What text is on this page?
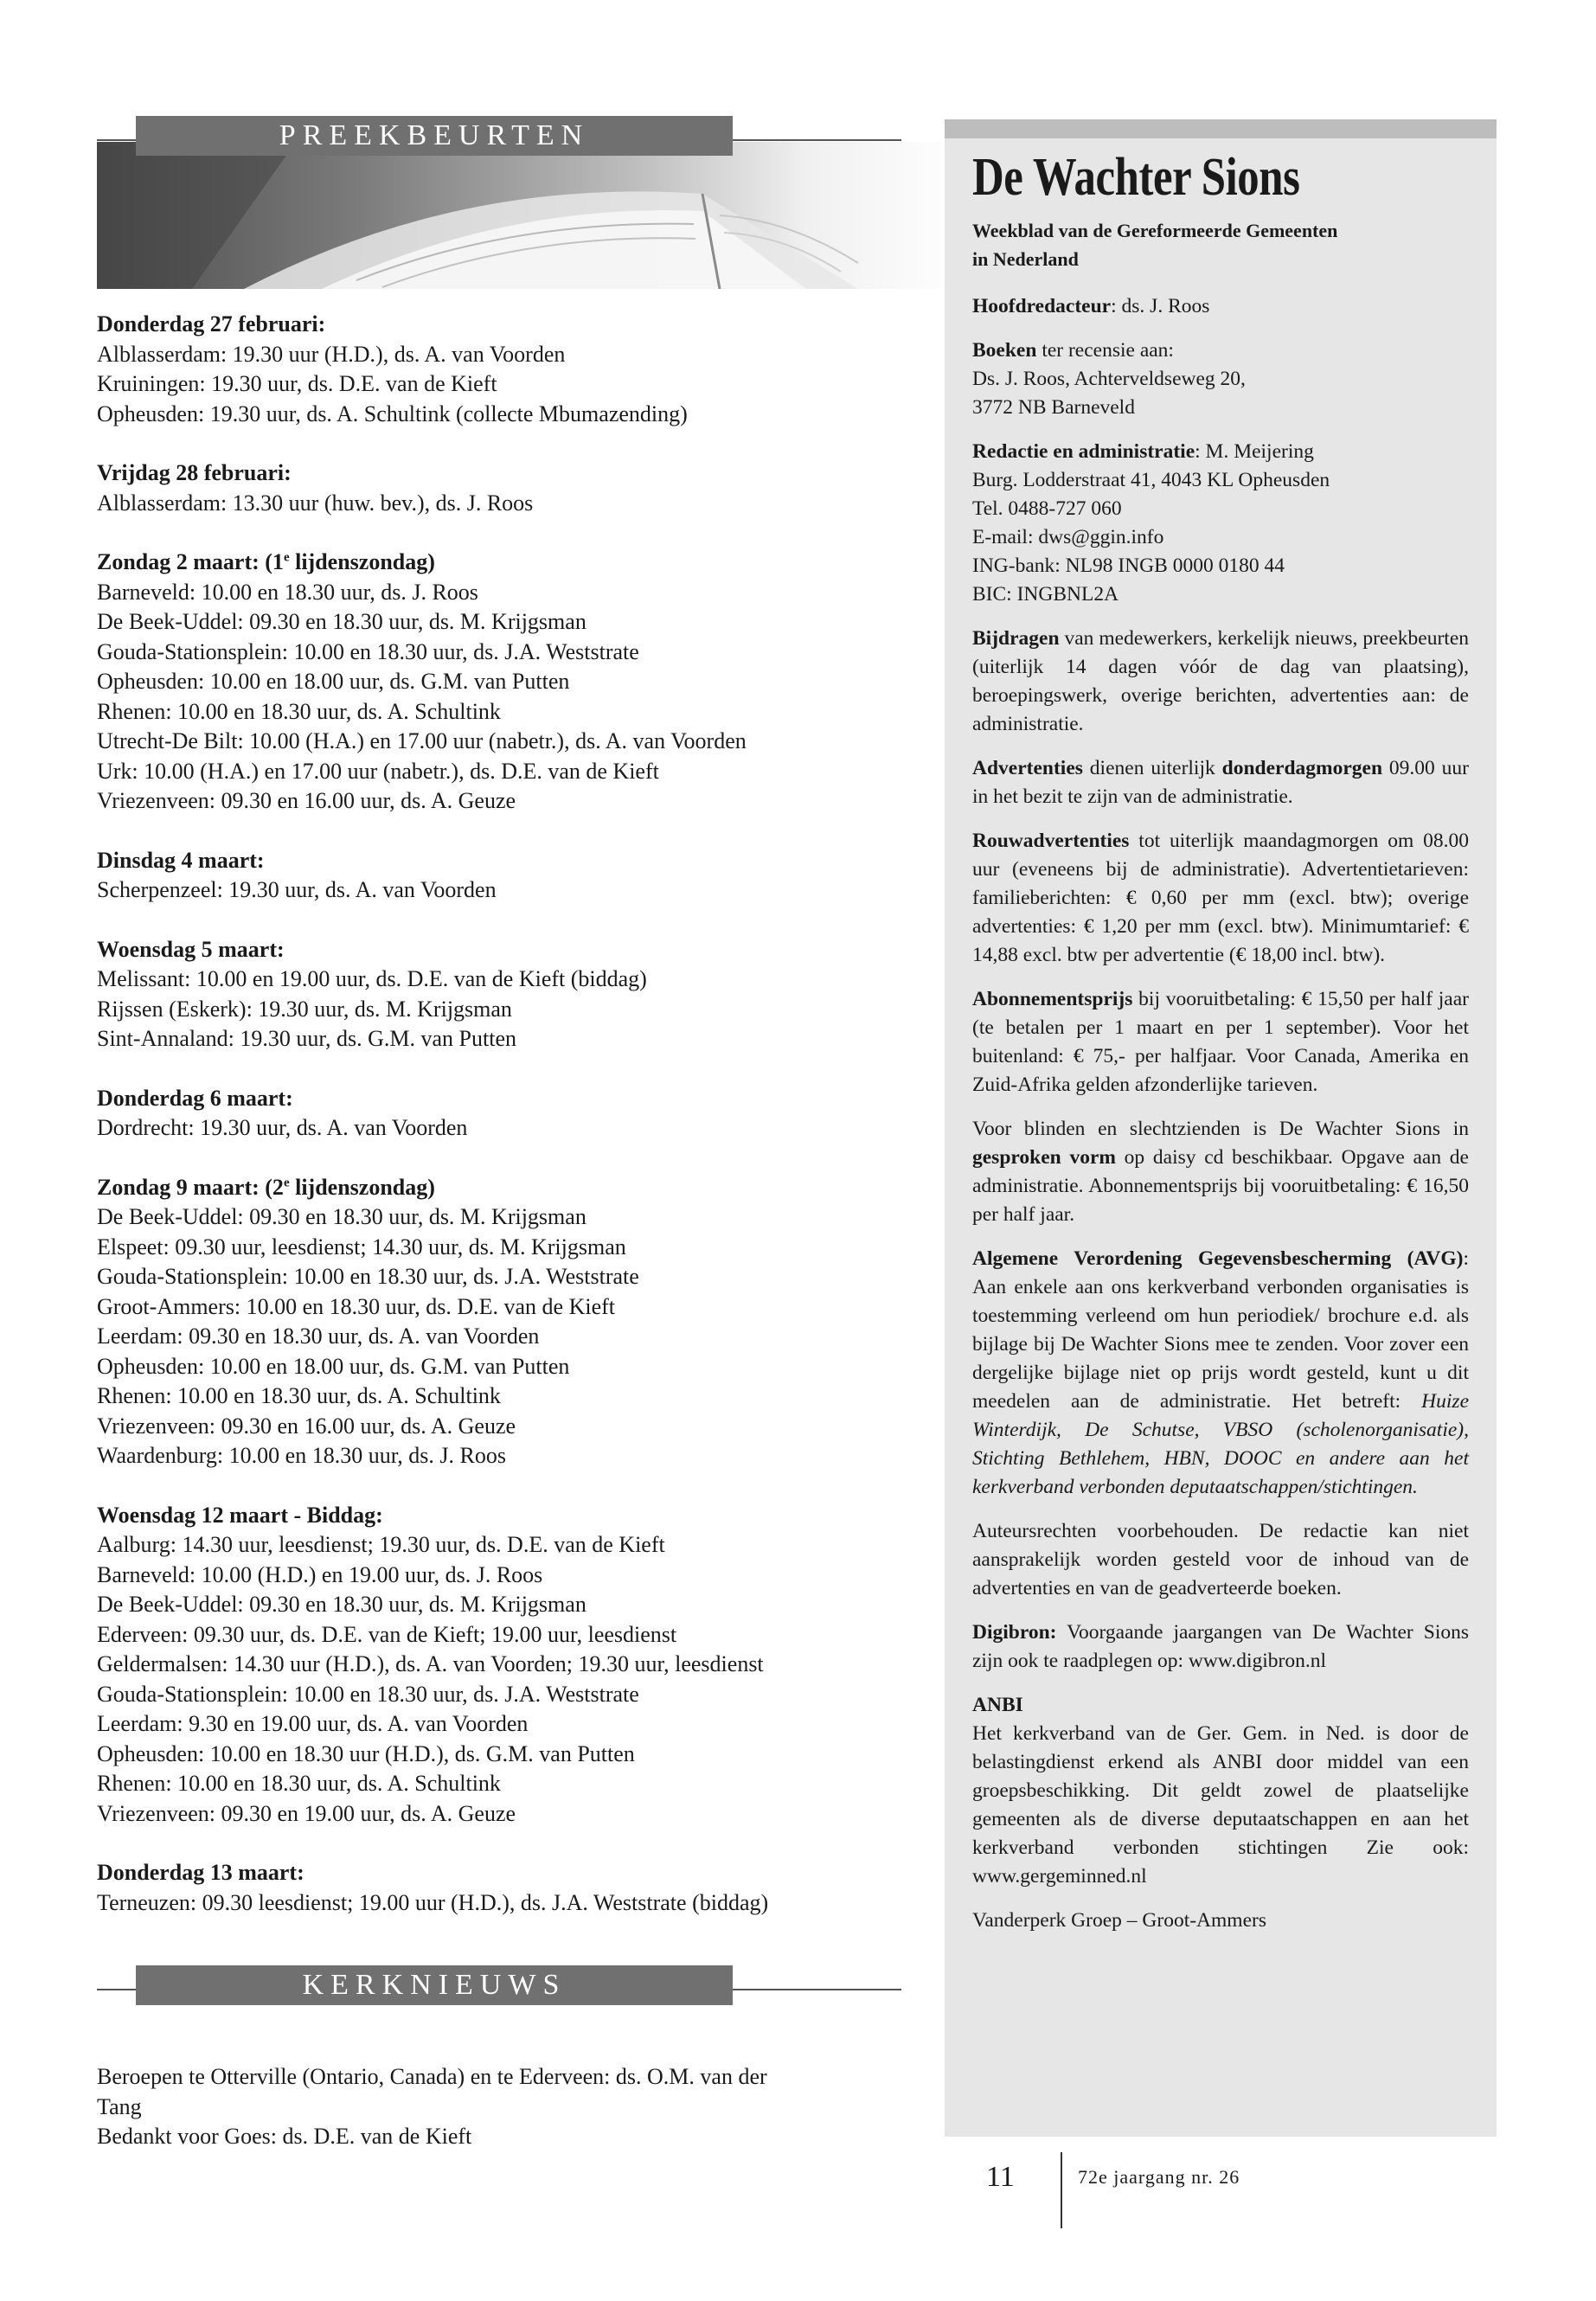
PREEKBEURTEN
Donderdag 27 februari:
Alblasserdam: 19.30 uur (H.D.), ds. A. van Voorden
Kruiningen: 19.30 uur, ds. D.E. van de Kieft
Opheusden: 19.30 uur, ds. A. Schultink (collecte Mbumazending)
Vrijdag 28 februari:
Alblasserdam: 13.30 uur (huw. bev.), ds. J. Roos
Zondag 2 maart: (1e lijdenszondag)
Barneveld: 10.00 en 18.30 uur, ds. J. Roos
De Beek-Uddel: 09.30 en 18.30 uur, ds. M. Krijgsman
Gouda-Stationsplein: 10.00 en 18.30 uur, ds. J.A. Weststrate
Opheusden: 10.00 en 18.00 uur, ds. G.M. van Putten
Rhenen: 10.00 en 18.30 uur, ds. A. Schultink
Utrecht-De Bilt: 10.00 (H.A.) en 17.00 uur (nabetr.), ds. A. van Voorden
Urk: 10.00 (H.A.) en 17.00 uur (nabetr.), ds. D.E. van de Kieft
Vriezenveen: 09.30 en 16.00 uur, ds. A. Geuze
Dinsdag 4 maart:
Scherpenzeel: 19.30 uur, ds. A. van Voorden
Woensdag 5 maart:
Melissant: 10.00 en 19.00 uur, ds. D.E. van de Kieft (biddag)
Rijssen (Eskerk): 19.30 uur, ds. M. Krijgsman
Sint-Annaland: 19.30 uur, ds. G.M. van Putten
Donderdag 6 maart:
Dordrecht: 19.30 uur, ds. A. van Voorden
Zondag 9 maart: (2e lijdenszondag)
De Beek-Uddel: 09.30 en 18.30 uur, ds. M. Krijgsman
Elspeet: 09.30 uur, leesdienst; 14.30 uur, ds. M. Krijgsman
Gouda-Stationsplein: 10.00 en 18.30 uur, ds. J.A. Weststrate
Groot-Ammers: 10.00 en 18.30 uur, ds. D.E. van de Kieft
Leerdam: 09.30 en 18.30 uur, ds. A. van Voorden
Opheusden: 10.00 en 18.00 uur, ds. G.M. van Putten
Rhenen: 10.00 en 18.30 uur, ds. A. Schultink
Vriezenveen: 09.30 en 16.00 uur, ds. A. Geuze
Waardenburg: 10.00 en 18.30 uur, ds. J. Roos
Woensdag 12 maart - Biddag:
Aalburg: 14.30 uur, leesdienst; 19.30 uur, ds. D.E. van de Kieft
Barneveld: 10.00 (H.D.) en 19.00 uur, ds. J. Roos
De Beek-Uddel: 09.30 en 18.30 uur, ds. M. Krijgsman
Ederveen: 09.30 uur, ds. D.E. van de Kieft; 19.00 uur, leesdienst
Geldermalsen: 14.30 uur (H.D.), ds. A. van Voorden; 19.30 uur, leesdienst
Gouda-Stationsplein: 10.00 en 18.30 uur, ds. J.A. Weststrate
Leerdam: 9.30 en 19.00 uur, ds. A. van Voorden
Opheusden: 10.00 en 18.30 uur (H.D.), ds. G.M. van Putten
Rhenen: 10.00 en 18.30 uur, ds. A. Schultink
Vriezenveen: 09.30 en 19.00 uur, ds. A. Geuze
Donderdag 13 maart:
Terneuzen: 09.30 leesdienst; 19.00 uur (H.D.), ds. J.A. Weststrate (biddag)
KERKNIEUWS
Beroepen te Otterville (Ontario, Canada) en te Ederveen: ds. O.M. van der
Tang
Bedankt voor Goes: ds. D.E. van de Kieft
De Wachter Sions
Weekblad van de Gereformeerde Gemeenten
in Nederland
Hoofdredacteur: ds. J. Roos
Boeken ter recensie aan:
Ds. J. Roos, Achterveldseweg 20,
3772 NB Barneveld
Redactie en administratie: M. Meijering
Burg. Lodderstraat 41, 4043 KL Opheusden
Tel. 0488-727 060
E-mail: dws@ggin.info
ING-bank: NL98 INGB 0000 0180 44
BIC: INGBNL2A
Bijdragen van medewerkers, kerkelijk nieuws, preekbeurten (uiterlijk 14 dagen vóór de dag van plaatsing), beroepingswerk, overige berichten, advertenties aan: de administratie.
Advertenties dienen uiterlijk donderdagmorgen 09.00 uur in het bezit te zijn van de administratie.
Rouwadvertenties tot uiterlijk maandagmorgen om 08.00 uur (eveneens bij de administratie). Advertentietarieven: familieberichten: € 0,60 per mm (excl. btw); overige advertenties: € 1,20 per mm (excl. btw). Minimumtarief: € 14,88 excl. btw per advertentie (€ 18,00 incl. btw).
Abonnementsprijs bij vooruitbetaling: € 15,50 per half jaar (te betalen per 1 maart en per 1 september). Voor het buitenland: € 75,- per halfjaar. Voor Canada, Amerika en Zuid-Afrika gelden afzonderlijke tarieven.
Voor blinden en slechtzienden is De Wachter Sions in gesproken vorm op daisy cd beschikbaar. Opgave aan de administratie. Abonnementsprijs bij vooruitbetaling: € 16,50 per half jaar.
Algemene Verordening Gegevensbescherming (AVG): Aan enkele aan ons kerkverband verbonden organisaties is toestemming verleend om hun periodiek/ brochure e.d. als bijlage bij De Wachter Sions mee te zenden. Voor zover een dergelijke bijlage niet op prijs wordt gesteld, kunt u dit meedelen aan de administratie. Het betreft: Huize Winterdijk, De Schutse, VBSO (scholenorganisatie), Stichting Bethlehem, HBN, DOOC en andere aan het kerkverband verbonden deputaatschappen/stichtingen.
Auteursrechten voorbehouden. De redactie kan niet aansprakelijk worden gesteld voor de inhoud van de advertenties en van de geadverteerde boeken.
Digibron: Voorgaande jaargangen van De Wachter Sions zijn ook te raadplegen op: www.digibron.nl
ANBI
Het kerkverband van de Ger. Gem. in Ned. is door de belastingdienst erkend als ANBI door middel van een groepsbeschikking. Dit geldt zowel de plaatselijke gemeenten als de diverse deputaatschappen en aan het kerkverband verbonden stichtingen Zie ook: www.gergeminned.nl
Vanderperk Groep – Groot-Ammers
11	72e jaargang nr. 26
